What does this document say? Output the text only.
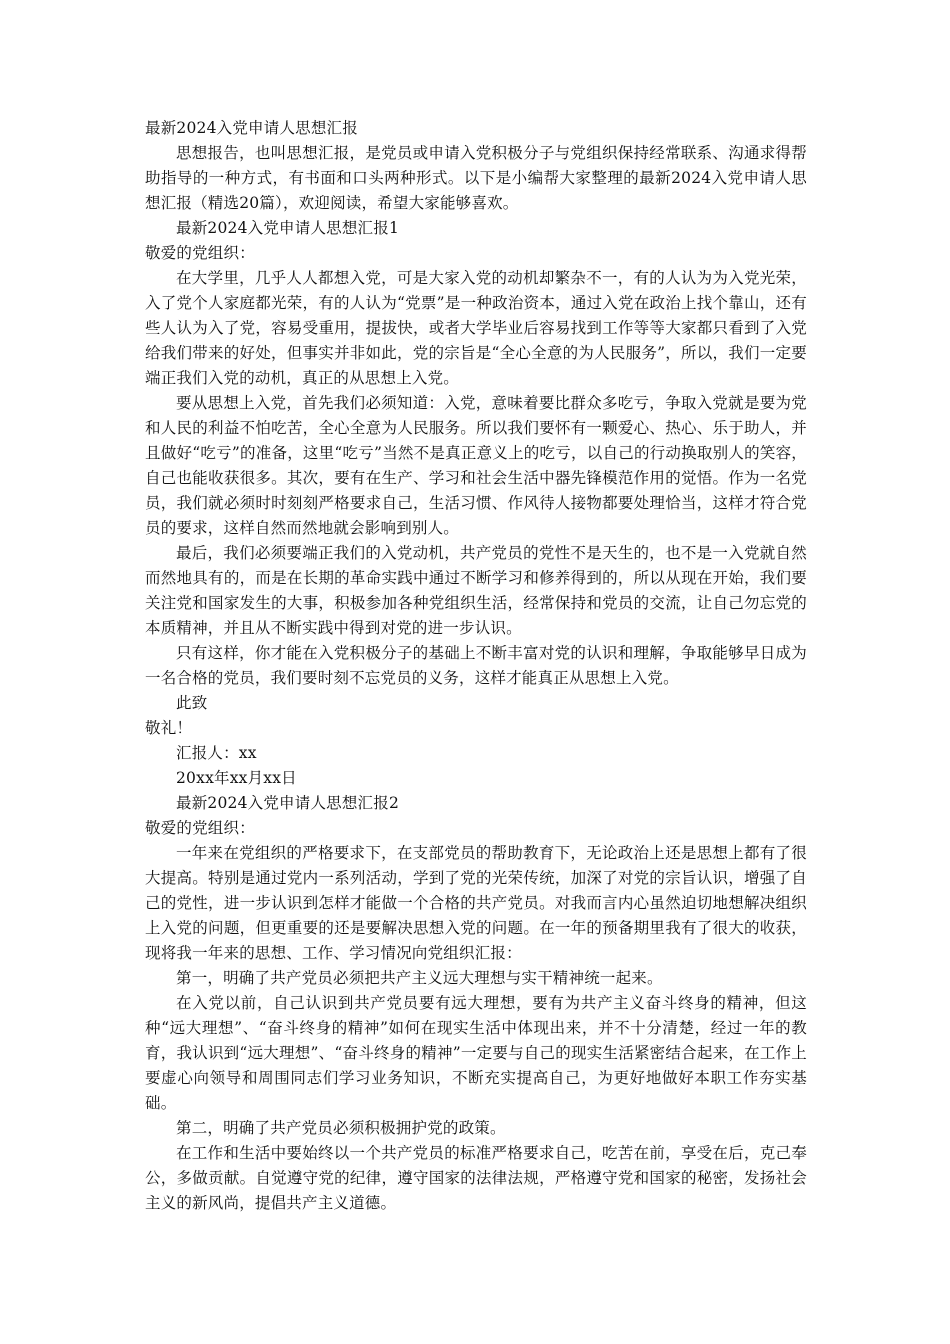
最新2024入党申请人思想汇报

思想报告，也叫思想汇报，是党员或申请入党积极分子与党组织保持经常联系、沟通求得帮助指导的一种方式，有书面和口头两种形式。以下是小编帮大家整理的最新2024入党申请人思想汇报（精选20篇），欢迎阅读，希望大家能够喜欢。

最新2024入党申请人思想汇报1

敬爱的党组织：

在大学里，几乎人人都想入党，可是大家入党的动机却繁杂不一，有的人认为为入党光荣，入了党个人家庭都光荣，有的人认为“党票”是一种政治资本，通过入党在政治上找个靠山，还有些人认为入了党，容易受重用，提拔快，或者大学毕业后容易找到工作等等大家都只看到了入党给我们带来的好处，但事实并非如此，党的宗旨是“全心全意的为人民服务”，所以，我们一定要端正我们入党的动机，真正的从思想上入党。

要从思想上入党，首先我们必须知道：入党，意味着要比群众多吃亏，争取入党就是要为党和人民的利益不怕吃苦，全心全意为人民服务。所以我们要怀有一颗爱心、热心、乐于助人，并且做好“吃亏”的准备，这里“吃亏”当然不是真正意义上的吃亏，以自己的行动换取别人的笑容，自己也能收获很多。其次，要有在生产、学习和社会生活中器先锋模范作用的觉悟。作为一名党员，我们就必须时时刻刻严格要求自己，生活习惯、作风待人接物都要处理恰当，这样才符合党员的要求，这样自然而然地就会影响到别人。

最后，我们必须要端正我们的入党动机，共产党员的党性不是天生的，也不是一入党就自然而然地具有的，而是在长期的革命实践中通过不断学习和修养得到的，所以从现在开始，我们要关注党和国家发生的大事，积极参加各种党组织生活，经常保持和党员的交流，让自己勿忘党的本质精神，并且从不断实践中得到对党的进一步认识。

只有这样，你才能在入党积极分子的基础上不断丰富对党的认识和理解，争取能够早日成为一名合格的党员，我们要时刻不忘党员的义务，这样才能真正从思想上入党。

此致

敬礼！

汇报人：xx

20xx年xx月xx日

最新2024入党申请人思想汇报2

敬爱的党组织：

一年来在党组织的严格要求下，在支部党员的帮助教育下，无论政治上还是思想上都有了很大提高。特别是通过党内一系列活动，学到了党的光荣传统，加深了对党的宗旨认识，增强了自己的党性，进一步认识到怎样才能做一个合格的共产党员。对我而言内心虽然迫切地想解决组织上入党的问题，但更重要的还是要解决思想入党的问题。在一年的预备期里我有了很大的收获，现将我一年来的思想、工作、学习情况向党组织汇报：

第一，明确了共产党员必须把共产主义远大理想与实干精神统一起来。

在入党以前，自己认识到共产党员要有远大理想，要有为共产主义奋斗终身的精神，但这种“远大理想”、“奋斗终身的精神”如何在现实生活中体现出来，并不十分清楚，经过一年的教育，我认识到“远大理想”、“奋斗终身的精神”一定要与自己的现实生活紧密结合起来，在工作上要虚心向领导和周围同志们学习业务知识，不断充实提高自己，为更好地做好本职工作夯实基础。

第二，明确了共产党员必须积极拥护党的政策。

在工作和生活中要始终以一个共产党员的标准严格要求自己，吃苦在前，享受在后，克己奉公，多做贡献。自觉遵守党的纪律，遵守国家的法律法规，严格遵守党和国家的秘密，发扬社会主义的新风尚，提倡共产主义道德。
